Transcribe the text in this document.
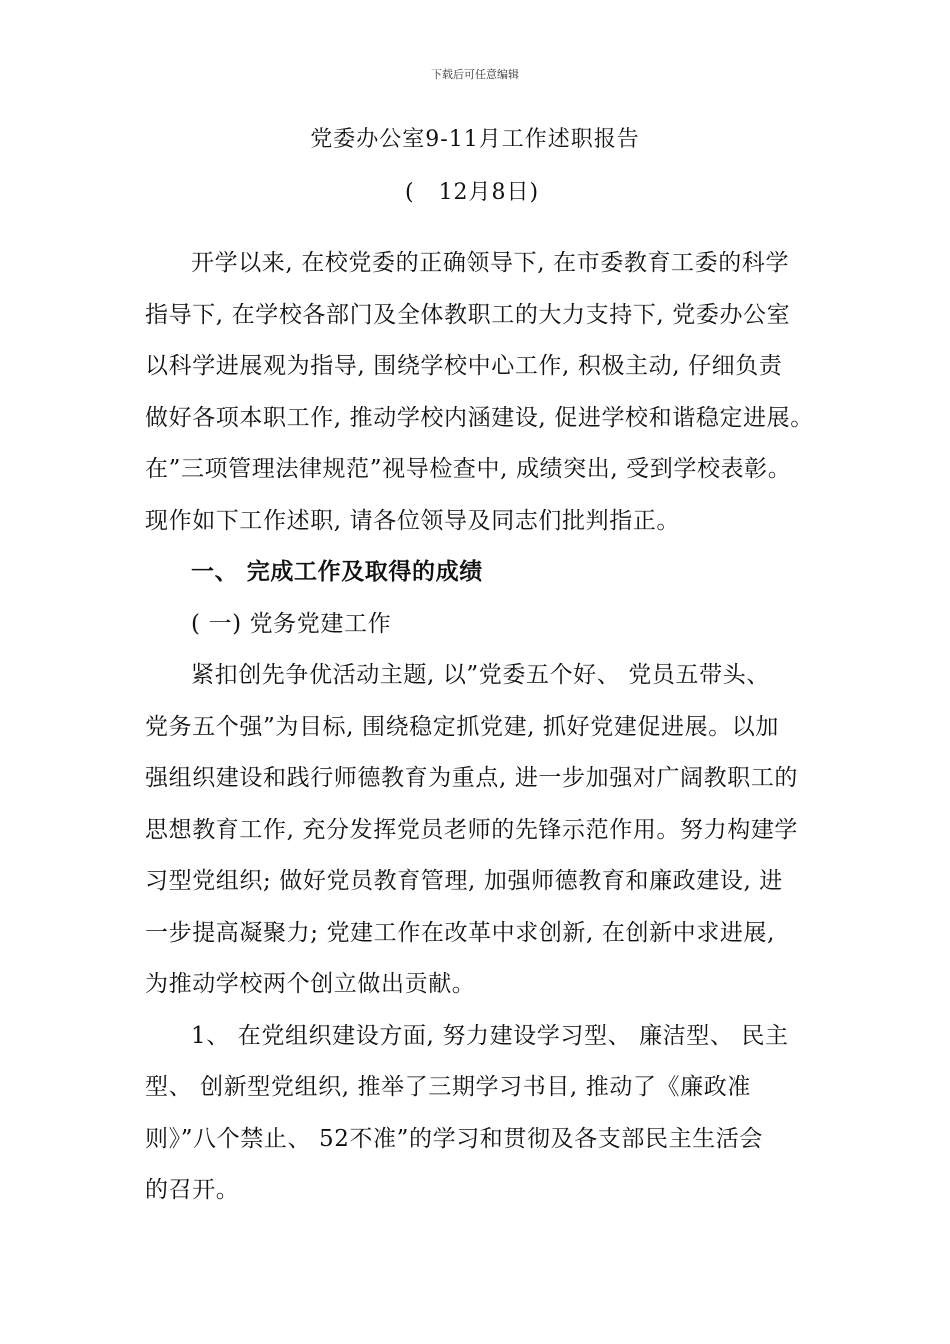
下载后可任意编辑
党委办公室9-11月工作述职报告
(   12月8日)
开学以来, 在校党委的正确领导下, 在市委教育工委的科学
指导下, 在学校各部门及全体教职工的大力支持下, 党委办公室
以科学进展观为指导, 围绕学校中心工作, 积极主动, 仔细负责
做好各项本职工作, 推动学校内涵建设, 促进学校和谐稳定进展。
在”三项管理法律规范”视导检查中, 成绩突出, 受到学校表彰。
现作如下工作述职, 请各位领导及同志们批判指正。
一、 完成工作及取得的成绩
( 一) 党务党建工作
紧扣创先争优活动主题, 以”党委五个好、 党员五带头、
党务五个强”为目标, 围绕稳定抓党建, 抓好党建促进展。以加
强组织建设和践行师德教育为重点, 进一步加强对广阔教职工的
思想教育工作, 充分发挥党员老师的先锋示范作用。努力构建学
习型党组织; 做好党员教育管理, 加强师德教育和廉政建设, 进
一步提高凝聚力; 党建工作在改革中求创新, 在创新中求进展,
为推动学校两个创立做出贡献。
1、 在党组织建设方面, 努力建设学习型、 廉洁型、 民主
型、 创新型党组织, 推举了三期学习书目, 推动了《廉政准
则》”八个禁止、 52不准”的学习和贯彻及各支部民主生活会
的召开。
